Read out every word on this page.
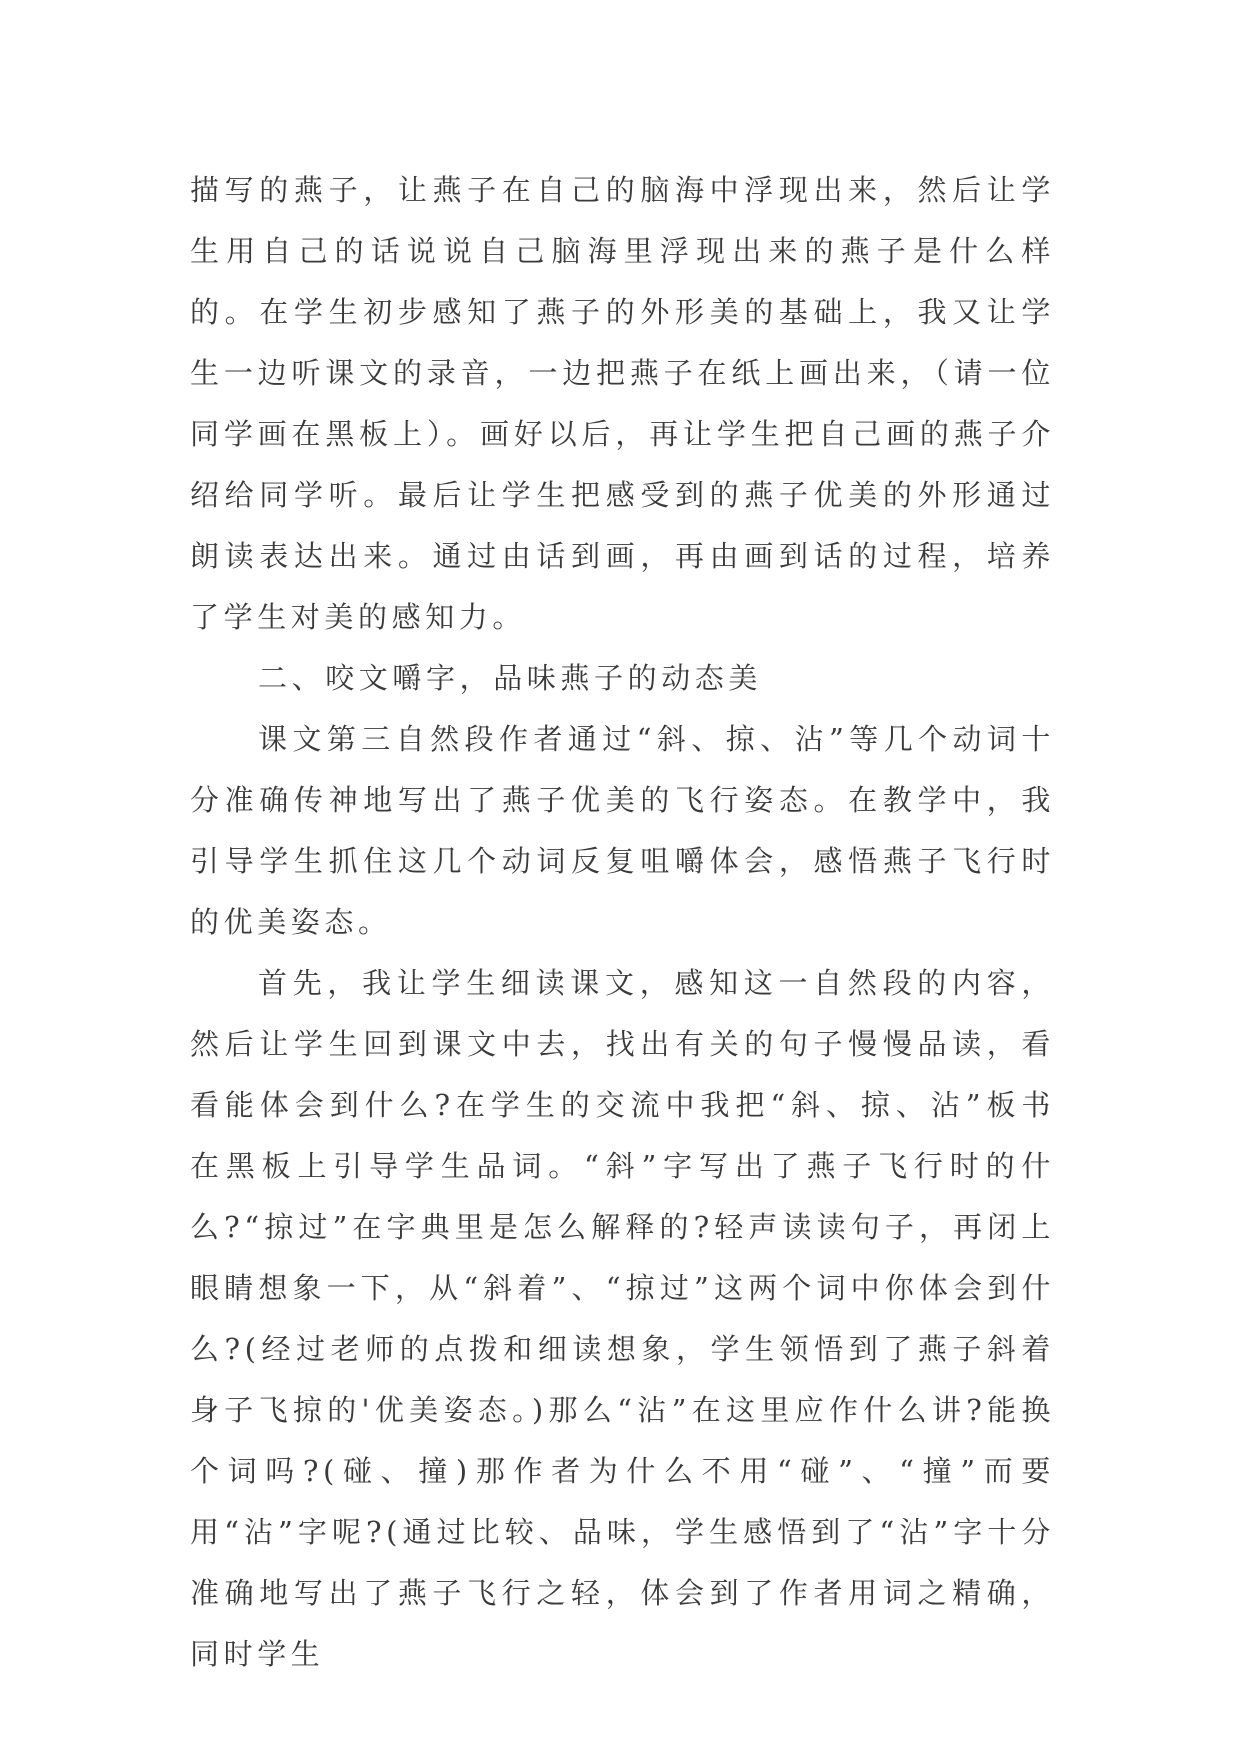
描写的燕子，让燕子在自己的脑海中浮现出来，然后让学生用自己的话说说自己脑海里浮现出来的燕子是什么样的。在学生初步感知了燕子的外形美的基础上，我又让学生一边听课文的录音，一边把燕子在纸上画出来，（请一位同学画在黑板上）。画好以后，再让学生把自己画的燕子介绍给同学听。最后让学生把感受到的燕子优美的外形通过朗读表达出来。通过由话到画，再由画到话的过程，培养了学生对美的感知力。

二、咬文嚼字，品味燕子的动态美

课文第三自然段作者通过“斜、掠、沾”等几个动词十分准确传神地写出了燕子优美的飞行姿态。在教学中，我引导学生抓住这几个动词反复咀嚼体会，感悟燕子飞行时的优美姿态。

首先，我让学生细读课文，感知这一自然段的内容，然后让学生回到课文中去，找出有关的句子慢慢品读，看看能体会到什么?在学生的交流中我把“斜、掠、沾”板书在黑板上引导学生品词。“斜”字写出了燕子飞行时的什么?“掠过”在字典里是怎么解释的?轻声读读句子，再闭上眼睛想象一下，从“斜着”、“掠过”这两个词中你体会到什么?(经过老师的点拨和细读想象，学生领悟到了燕子斜着身子飞掠的'优美姿态。)那么“沾”在这里应作什么讲?能换个词吗?(碰、撞)那作者为什么不用“碰”、“撞”而要用“沾”字呢?(通过比较、品味，学生感悟到了“沾”字十分准确地写出了燕子飞行之轻，体会到了作者用词之精确，同时学生
